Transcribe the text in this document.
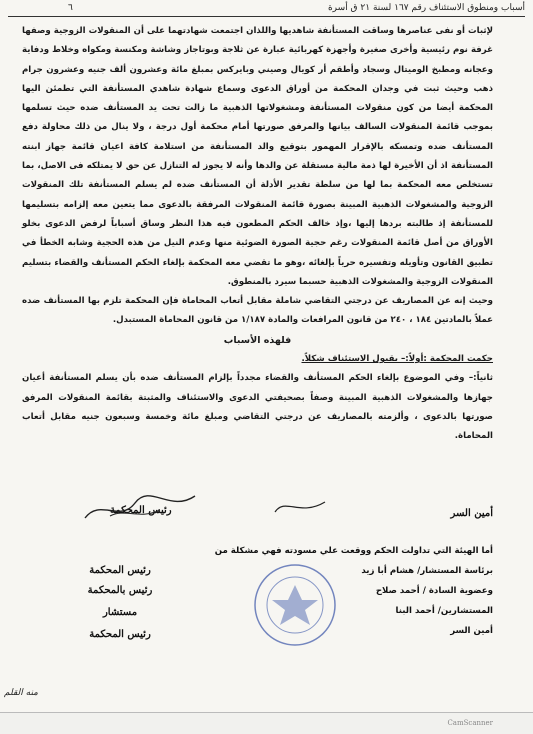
أسباب ومنطوق الاستئناف رقم ١٦٧ لسنة ٢١ ق أسرة
٦

لإثبات أو نفى عناصرها وساقت المستأنفة شاهديها واللذان اجتمعت شهادتهما على أن المنقولات الزوجية وصفها غرفة نوم رئيسية وأخرى صغيرة وأجهزة كهربائية عبارة عن ثلاجة وبوتاجاز وشاشة ومكنسة ومكواه وخلاط ودفاية وعجانه ومطبخ الوميتال وسجاد وأطقم أر كويال وصيني وبايركس بمبلغ مائة وعشرون ألف جنيه وعشرون جرام ذهب وحيث ثبت في وجدان المحكمة من أوراق الدعوى وسماع شهادة شاهدي المستأنفة التي تطمئن اليها المحكمة أيضا من كون منقولات المستأنفة ومشغولاتها الذهبية ما زالت تحت يد المستأنف ضده حيث تسلمها بموجب قائمة المنقولات السالف بيانها والمرفق صورتها أمام محكمة أول درجة ، ولا ينال من ذلك محاولة دفع المستأنف ضده وتمسكه بالإقرار المهمور بتوقيع والد المستأنفة من استلامة كافة اعيان قائمة جهاز ابنته المستأنفة اذ أن الأخيرة لها ذمة مالية مستقلة عن والدها وأنه لا يجوز له التنازل عن حق لا يمتلكه فى الاصل، بما تستخلص معه المحكمة بما لها من سلطة تقدير الأدلة أن المستأنف ضده لم يسلم المستأنفة تلك المنقولات الزوجية والمشغولات الذهبية المبينة بصورة قائمة المنقولات المرفقة بالدعوى مما يتعين معه إلزامه بتسليمها للمستأنفة إذ طالبته بردها إليها ،وإذ خالف الحكم المطعون فيه هذا النظر وساق أسباباً لرفض الدعوى بخلو الأوراق من أصل قائمة المنقولات رغم حجية الصورة الضوئية منها وعدم النيل من هذه الحجية وشابه الخطأ في تطبيق القانون وتأويله وتفسيره حرياً بإلغائه ،وهو ما تقضي معه المحكمة بإلغاء الحكم المستأنف والقضاء بتسليم المنقولات الزوجية والمشغولات الذهبية حسبما سيرد بالمنطوق.

وحيث إنه عن المصاريف عن درجتي التقاضي شاملة مقابل أتعاب المحاماة فإن المحكمة تلزم بها المستأنف ضده عملاً بالمادتين ١٨٤ ، ٢٤٠ من قانون المرافعات والمادة ١/١٨٧ من قانون المحاماة المستبدل.

فلهذه الأسباب

حكمت المحكمة :أولاً:– بقبول الاستئناف شكلاً.

ثانياً:– وفي الموضوع بإلغاء الحكم المستأنف والقضاء مجدداً بإلزام المستأنف ضده بأن يسلم المستأنفة أعيان جهازها والمشغولات الذهبية المبينة وصفاً بصحيفتي الدعوى والاستئناف والمثبتة بقائمة المنقولات المرفق صورتها بالدعوى ، وألزمته بالمصاريف عن درجتي التقاضي ومبلغ مائة وخمسة وسبعون جنيه مقابل أتعاب المحاماة.

أمين السر
رئيس المحكمة
أما الهيئة التي تداولت الحكم ووقعت علي مسودته فهي مشكلة من
برئاسة المستشار/ هشام أبا زيد
وعضوية السادة / أحمد صلاح
المستشارين/ أحمد البنا
أمين السر
رئيس المحكمة
رئيس بالمحكمة
مستشار
رئيس المحكمة
منه القلم
CamScanner
